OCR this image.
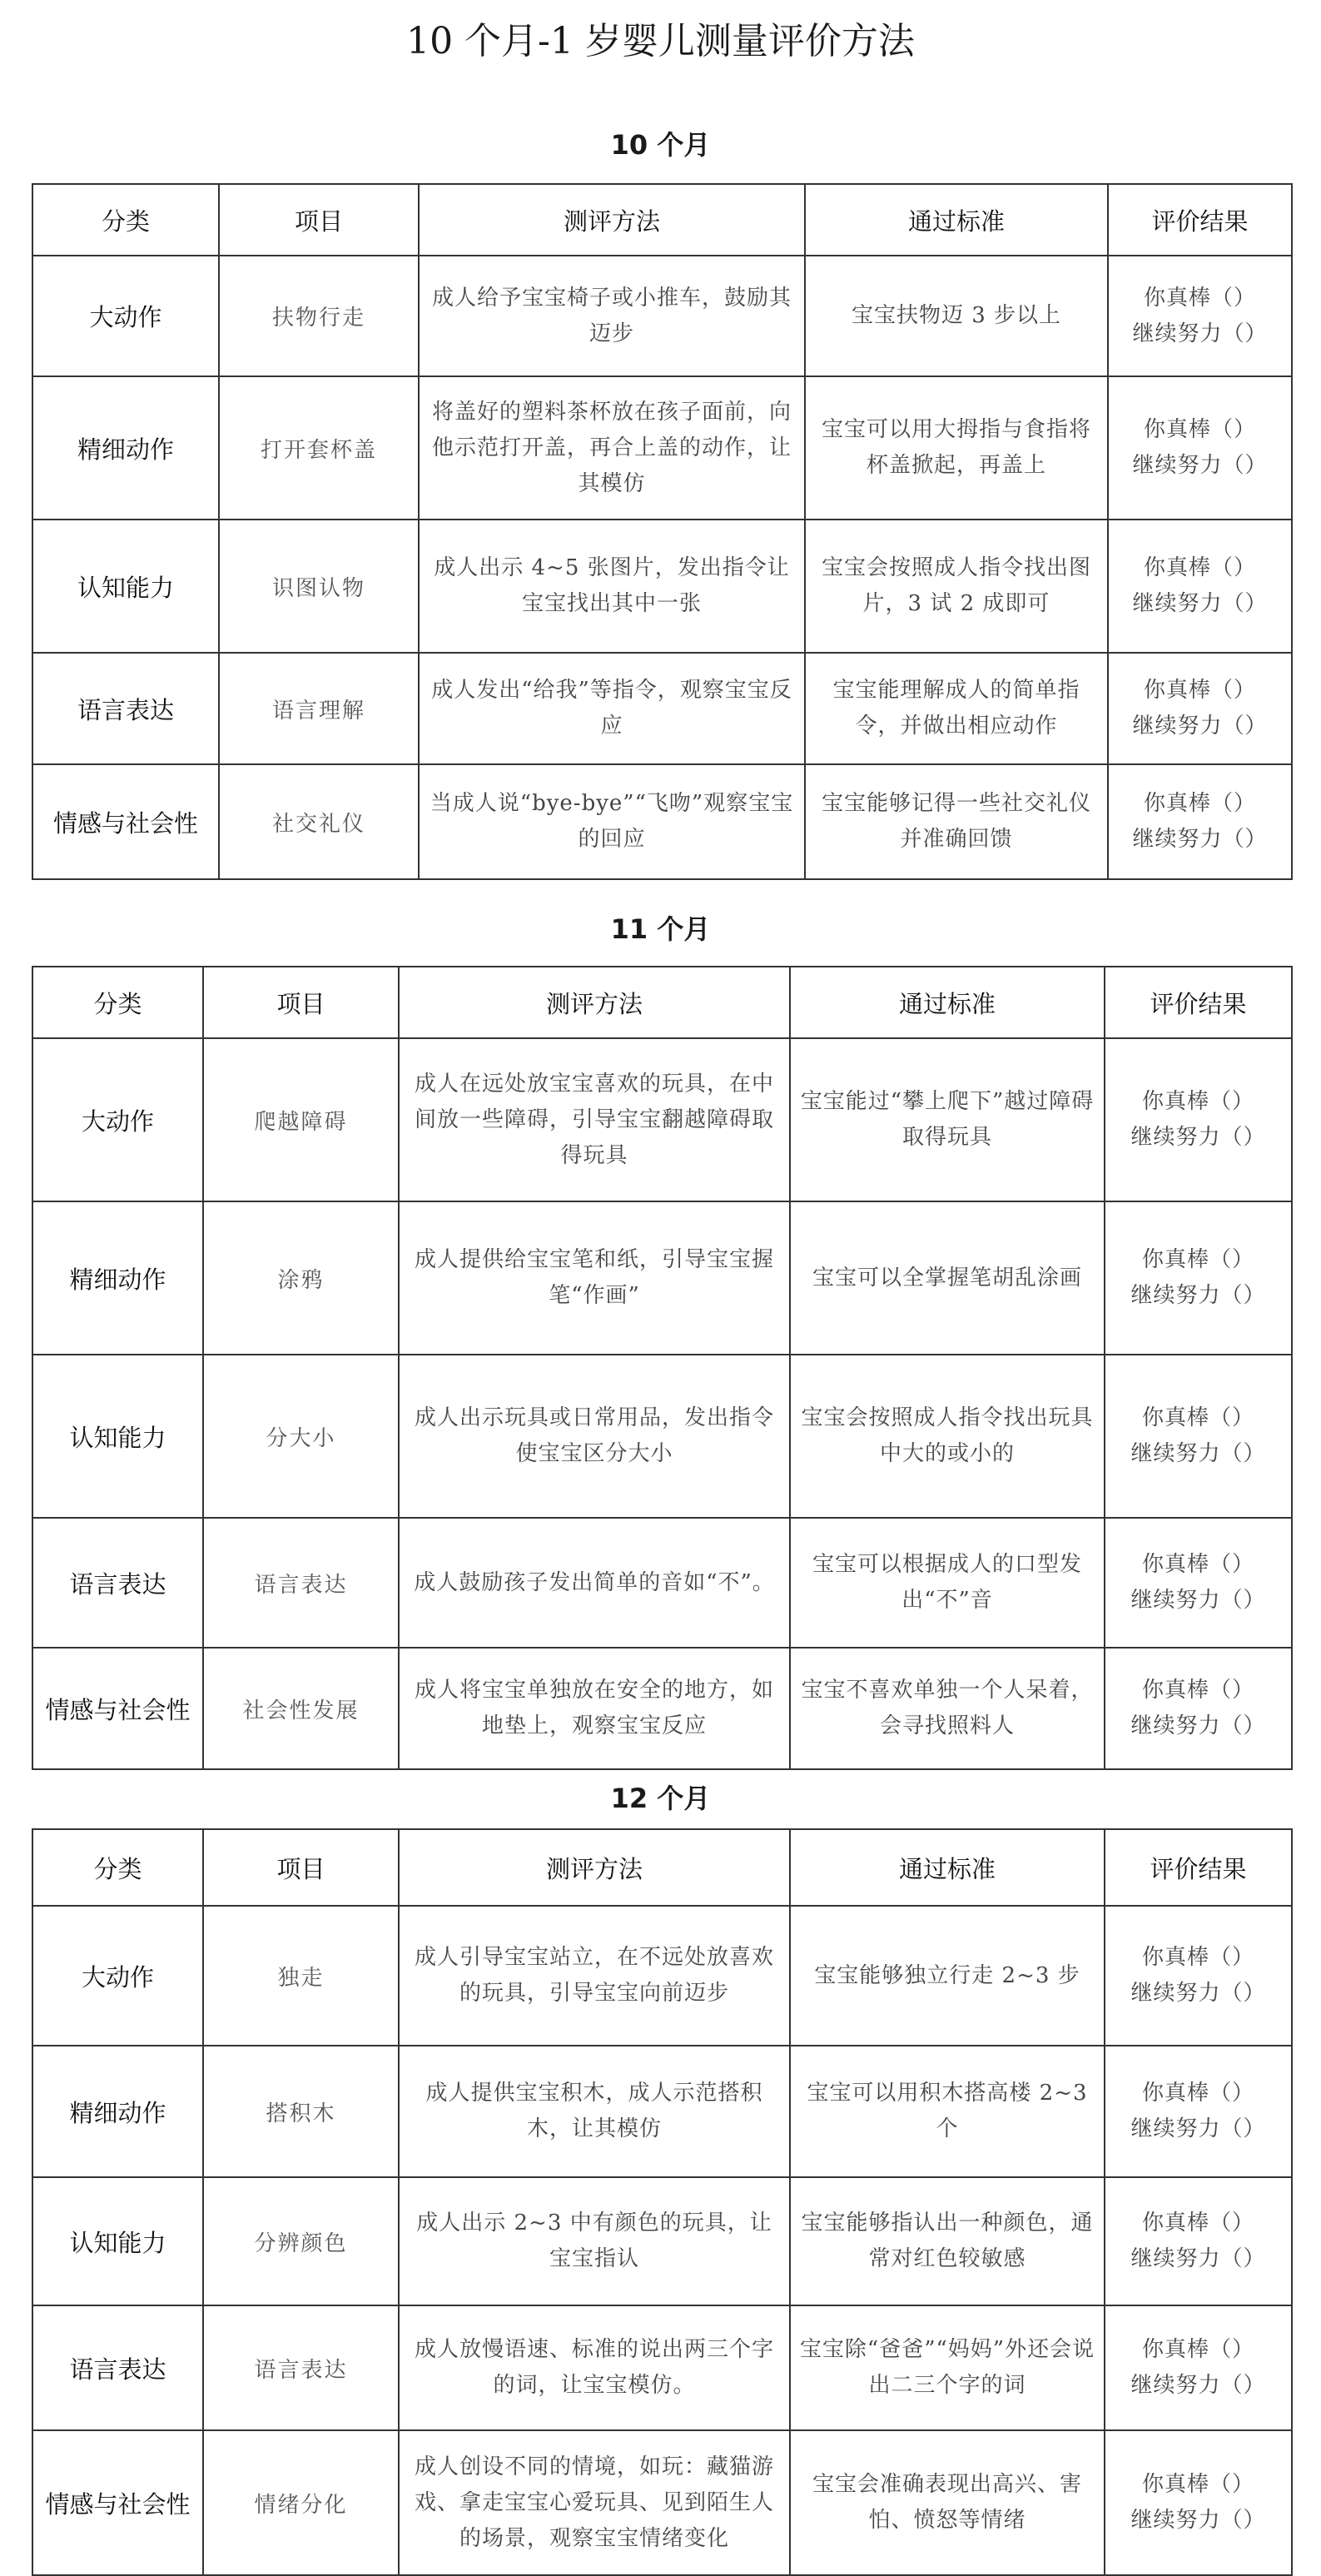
10 个月-1 岁婴儿测量评价方法
10 个月
分类	项目	测评方法	通过标准	评价结果
大动作	扶物行走	成人给予宝宝椅子或小推车，鼓励其迈步	宝宝扶物迈 3 步以上	你真棒（）
继续努力（）

精细动作	打开套杯盖	将盖好的塑料茶杯放在孩子面前，向他示范打开盖，再合上盖的动作，让其模仿	宝宝可以用大拇指与食指将杯盖掀起，再盖上	你真棒（）
继续努力（）

认知能力	识图认物	成人出示 4~5 张图片，发出指令让宝宝找出其中一张	宝宝会按照成人指令找出图片，3 试 2 成即可	你真棒（）
继续努力（）

语言表达	语言理解	成人发出“给我”等指令，观察宝宝反应	宝宝能理解成人的简单指令，并做出相应动作	你真棒（）
继续努力（）

情感与社会性	社交礼仪	当成人说“bye-bye”“飞吻”观察宝宝的回应	宝宝能够记得一些社交礼仪并准确回馈	你真棒（）
继续努力（）
11 个月
分类	项目	测评方法	通过标准	评价结果
大动作	爬越障碍	成人在远处放宝宝喜欢的玩具，在中间放一些障碍，引导宝宝翻越障碍取得玩具	宝宝能过“攀上爬下”越过障碍取得玩具	你真棒（）
继续努力（）

精细动作	涂鸦	成人提供给宝宝笔和纸，引导宝宝握笔“作画”	宝宝可以全掌握笔胡乱涂画	你真棒（）
继续努力（）

认知能力	分大小	成人出示玩具或日常用品，发出指令使宝宝区分大小	宝宝会按照成人指令找出玩具中大的或小的	你真棒（）
继续努力（）

语言表达	语言表达	成人鼓励孩子发出简单的音如“不”。	宝宝可以根据成人的口型发出“不”音	你真棒（）
继续努力（）

情感与社会性	社会性发展	成人将宝宝单独放在安全的地方，如地垫上，观察宝宝反应	宝宝不喜欢单独一个人呆着，会寻找照料人	你真棒（）
继续努力（）
12 个月
分类	项目	测评方法	通过标准	评价结果
大动作	独走	成人引导宝宝站立，在不远处放喜欢的玩具，引导宝宝向前迈步	宝宝能够独立行走 2~3 步	你真棒（）
继续努力（）

精细动作	搭积木	成人提供宝宝积木，成人示范搭积木，让其模仿	宝宝可以用积木搭高楼 2~3 个	你真棒（）
继续努力（）

认知能力	分辨颜色	成人出示 2~3 中有颜色的玩具，让宝宝指认	宝宝能够指认出一种颜色，通常对红色较敏感	你真棒（）
继续努力（）

语言表达	语言表达	成人放慢语速、标准的说出两三个字的词，让宝宝模仿。	宝宝除“爸爸”“妈妈”外还会说出二三个字的词	你真棒（）
继续努力（）

情感与社会性	情绪分化	成人创设不同的情境，如玩：藏猫游戏、拿走宝宝心爱玩具、见到陌生人的场景，观察宝宝情绪变化	宝宝会准确表现出高兴、害怕、愤怒等情绪	你真棒（）
继续努力（）
